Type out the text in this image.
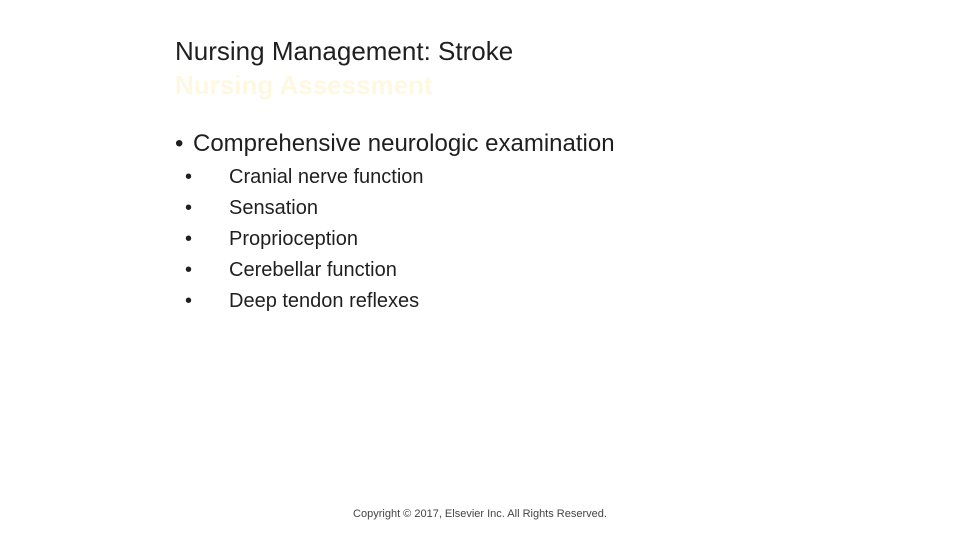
Nursing Management: Stroke
Nursing Assessment
• Comprehensive neurologic examination
•	Cranial nerve function
•	Sensation
•	Proprioception
•	Cerebellar function
•	Deep tendon reflexes
Copyright © 2017, Elsevier Inc. All Rights Reserved.
